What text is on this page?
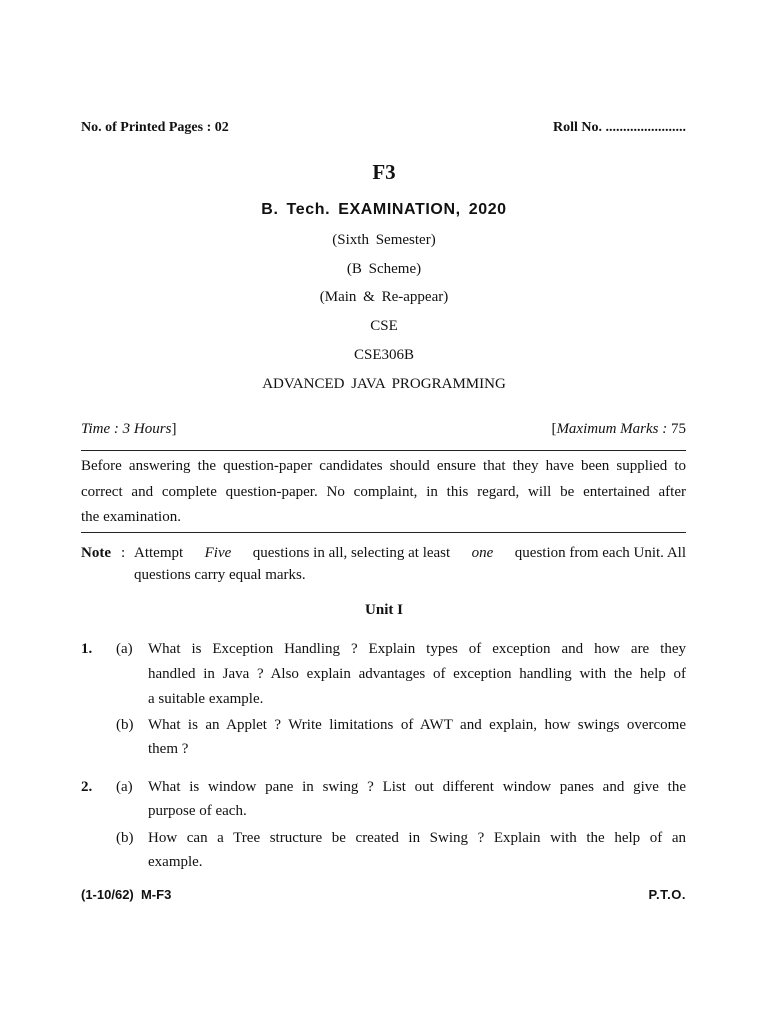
No. of Printed Pages : 02	Roll No. .......................
F3
B. Tech. EXAMINATION, 2020
(Sixth Semester)
(B Scheme)
(Main & Re-appear)
CSE
CSE306B
ADVANCED JAVA PROGRAMMING
Time : 3 Hours]	[Maximum Marks : 75
Before answering the question-paper candidates should ensure that they have been supplied to
correct and complete question-paper. No complaint, in this regard, will be entertained after
the examination.
Note : Attempt Five questions in all, selecting at least one question from each Unit. All
questions carry equal marks.
Unit I
1. (a) What is Exception Handling ? Explain types of exception and how are they
handled in Java ? Also explain advantages of exception handling with the help of
a suitable example.
(b) What is an Applet ? Write limitations of AWT and explain, how swings overcome
them ?
2. (a) What is window pane in swing ? List out different window panes and give the
purpose of each.
(b) How can a Tree structure be created in Swing ? Explain with the help of an
example.
(1-10/62)  M-F3	P.T.O.
